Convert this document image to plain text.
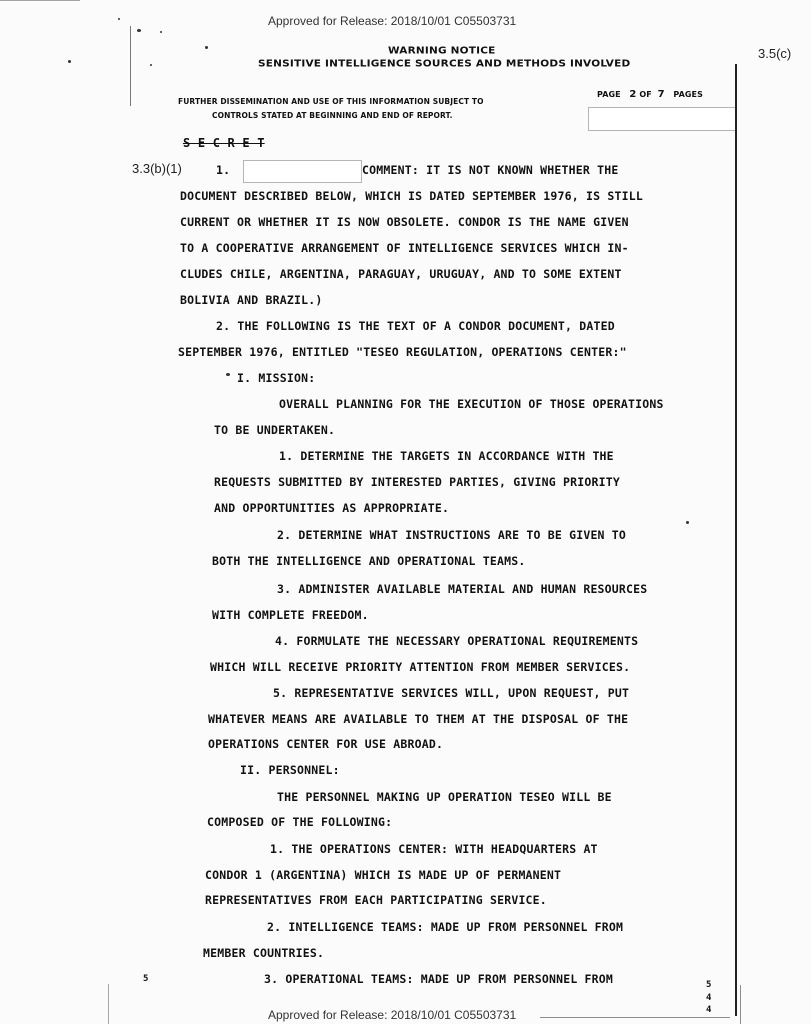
Approved for Release: 2018/10/01 C05503731
Approved for Release: 2018/10/01 C05503731
3.5(c)
3.3(b)(1)
WARNING NOTICE
SENSITIVE INTELLIGENCE SOURCES AND METHODS INVOLVED
PAGE 2 OF 7 PAGES
FURTHER DISSEMINATION AND USE OF THIS INFORMATION SUBJECT TO
CONTROLS STATED AT BEGINNING AND END OF REPORT.
S E C R E T
1.	COMMENT: IT IS NOT KNOWN WHETHER THE
DOCUMENT DESCRIBED BELOW, WHICH IS DATED SEPTEMBER 1976, IS STILL
CURRENT OR WHETHER IT IS NOW OBSOLETE. CONDOR IS THE NAME GIVEN
TO A COOPERATIVE ARRANGEMENT OF INTELLIGENCE SERVICES WHICH IN-
CLUDES CHILE, ARGENTINA, PARAGUAY, URUGUAY, AND TO SOME EXTENT
BOLIVIA AND BRAZIL.)
2. THE FOLLOWING IS THE TEXT OF A CONDOR DOCUMENT, DATED
SEPTEMBER 1976, ENTITLED "TESEO REGULATION, OPERATIONS CENTER:"
I. MISSION:
OVERALL PLANNING FOR THE EXECUTION OF THOSE OPERATIONS
TO BE UNDERTAKEN.
1. DETERMINE THE TARGETS IN ACCORDANCE WITH THE
REQUESTS SUBMITTED BY INTERESTED PARTIES, GIVING PRIORITY
AND OPPORTUNITIES AS APPROPRIATE.
2. DETERMINE WHAT INSTRUCTIONS ARE TO BE GIVEN TO
BOTH THE INTELLIGENCE AND OPERATIONAL TEAMS.
3. ADMINISTER AVAILABLE MATERIAL AND HUMAN RESOURCES
WITH COMPLETE FREEDOM.
4. FORMULATE THE NECESSARY OPERATIONAL REQUIREMENTS
WHICH WILL RECEIVE PRIORITY ATTENTION FROM MEMBER SERVICES.
5. REPRESENTATIVE SERVICES WILL, UPON REQUEST, PUT
WHATEVER MEANS ARE AVAILABLE TO THEM AT THE DISPOSAL OF THE
OPERATIONS CENTER FOR USE ABROAD.
II. PERSONNEL:
THE PERSONNEL MAKING UP OPERATION TESEO WILL BE
COMPOSED OF THE FOLLOWING:
1. THE OPERATIONS CENTER: WITH HEADQUARTERS AT
CONDOR 1 (ARGENTINA) WHICH IS MADE UP OF PERMANENT
REPRESENTATIVES FROM EACH PARTICIPATING SERVICE.
2. INTELLIGENCE TEAMS: MADE UP FROM PERSONNEL FROM
MEMBER COUNTRIES.
3. OPERATIONAL TEAMS: MADE UP FROM PERSONNEL FROM
5
5
4
4
